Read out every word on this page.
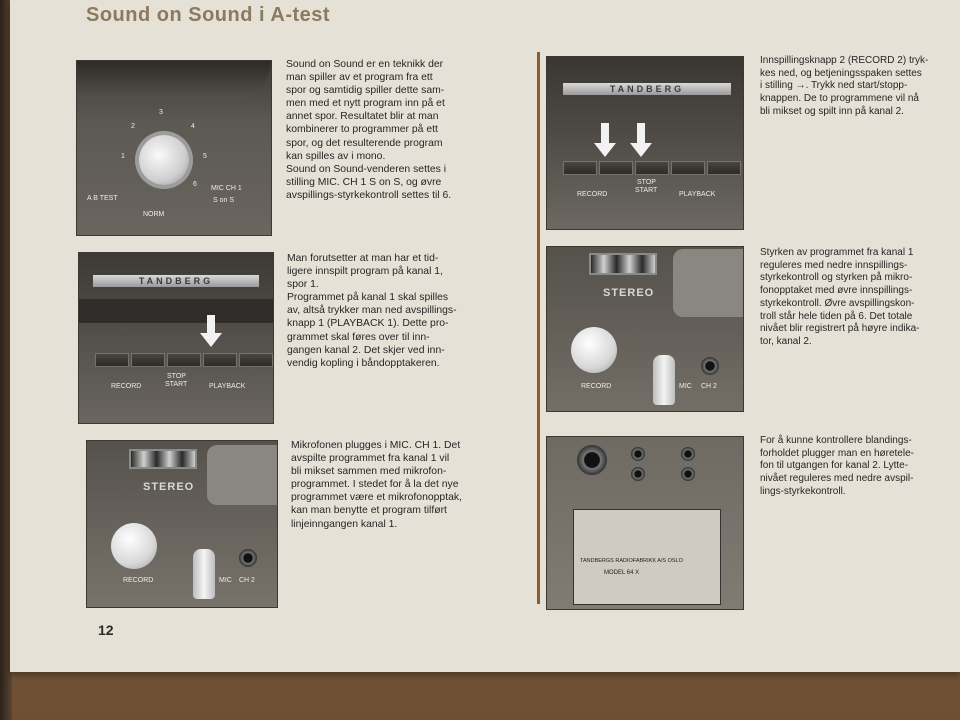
Sound on Sound i A-test
1
2
3
4
5
6
A B TEST
NORM
MIC CH 1
S on S
TANDBERG
RECORD
STOP
START	PLAYBACK
STEREO
RECORD	MIC CH 2

Sound on Sound er en teknikk der
man spiller av et program fra ett
spor og samtidig spiller dette sam-
men med et nytt program inn på et
annet spor. Resultatet blir at man
kombinerer to programmer på ett
spor, og det resulterende program
kan spilles av i mono.
Sound on Sound-venderen settes i
stilling MIC. CH 1 S on S, og øvre
avspillings-styrkekontroll settes til 6.

Man forutsetter at man har et tid-
ligere innspilt program på kanal 1,
spor 1.
Programmet på kanal 1 skal spilles
av, altså trykker man ned avspillings-
knapp 1 (PLAYBACK 1). Dette pro-
grammet skal føres over til inn-
gangen kanal 2. Det skjer ved inn-
vendig kopling i båndopptakeren.

Mikrofonen plugges i MIC. CH 1. Det
avspilte programmet fra kanal 1 vil
bli mikset sammen med mikrofon-
programmet. I stedet for å la det nye
programmet være et mikrofonopptak,
kan man benytte et program tilført
linjeinngangen kanal 1.

TANDBERG
RECORD
STOP
START
PLAYBACK
STEREO
RECORD	MIC CH 2
TANDBERGS RADIOFABRIKK A/S OSLO
MODEL 64 X

Innspillingsknapp 2 (RECORD 2) tryk-
kes ned, og betjeningsspaken settes
i stilling →. Trykk ned start/stopp-
knappen. De to programmene vil nå
bli mikset og spilt inn på kanal 2.

Styrken av programmet fra kanal 1
reguleres med nedre innspillings-
styrkekontroll og styrken på mikro-
fonopptaket med øvre innspillings-
styrkekontroll. Øvre avspillingskon-
troll står hele tiden på 6. Det totale
nivået blir registrert på høyre indika-
tor, kanal 2.

For å kunne kontrollere blandings-
forholdet plugger man en høretele-
fon til utgangen for kanal 2. Lytte-
nivået reguleres med nedre avspil-
lings-styrkekontroll.

12
